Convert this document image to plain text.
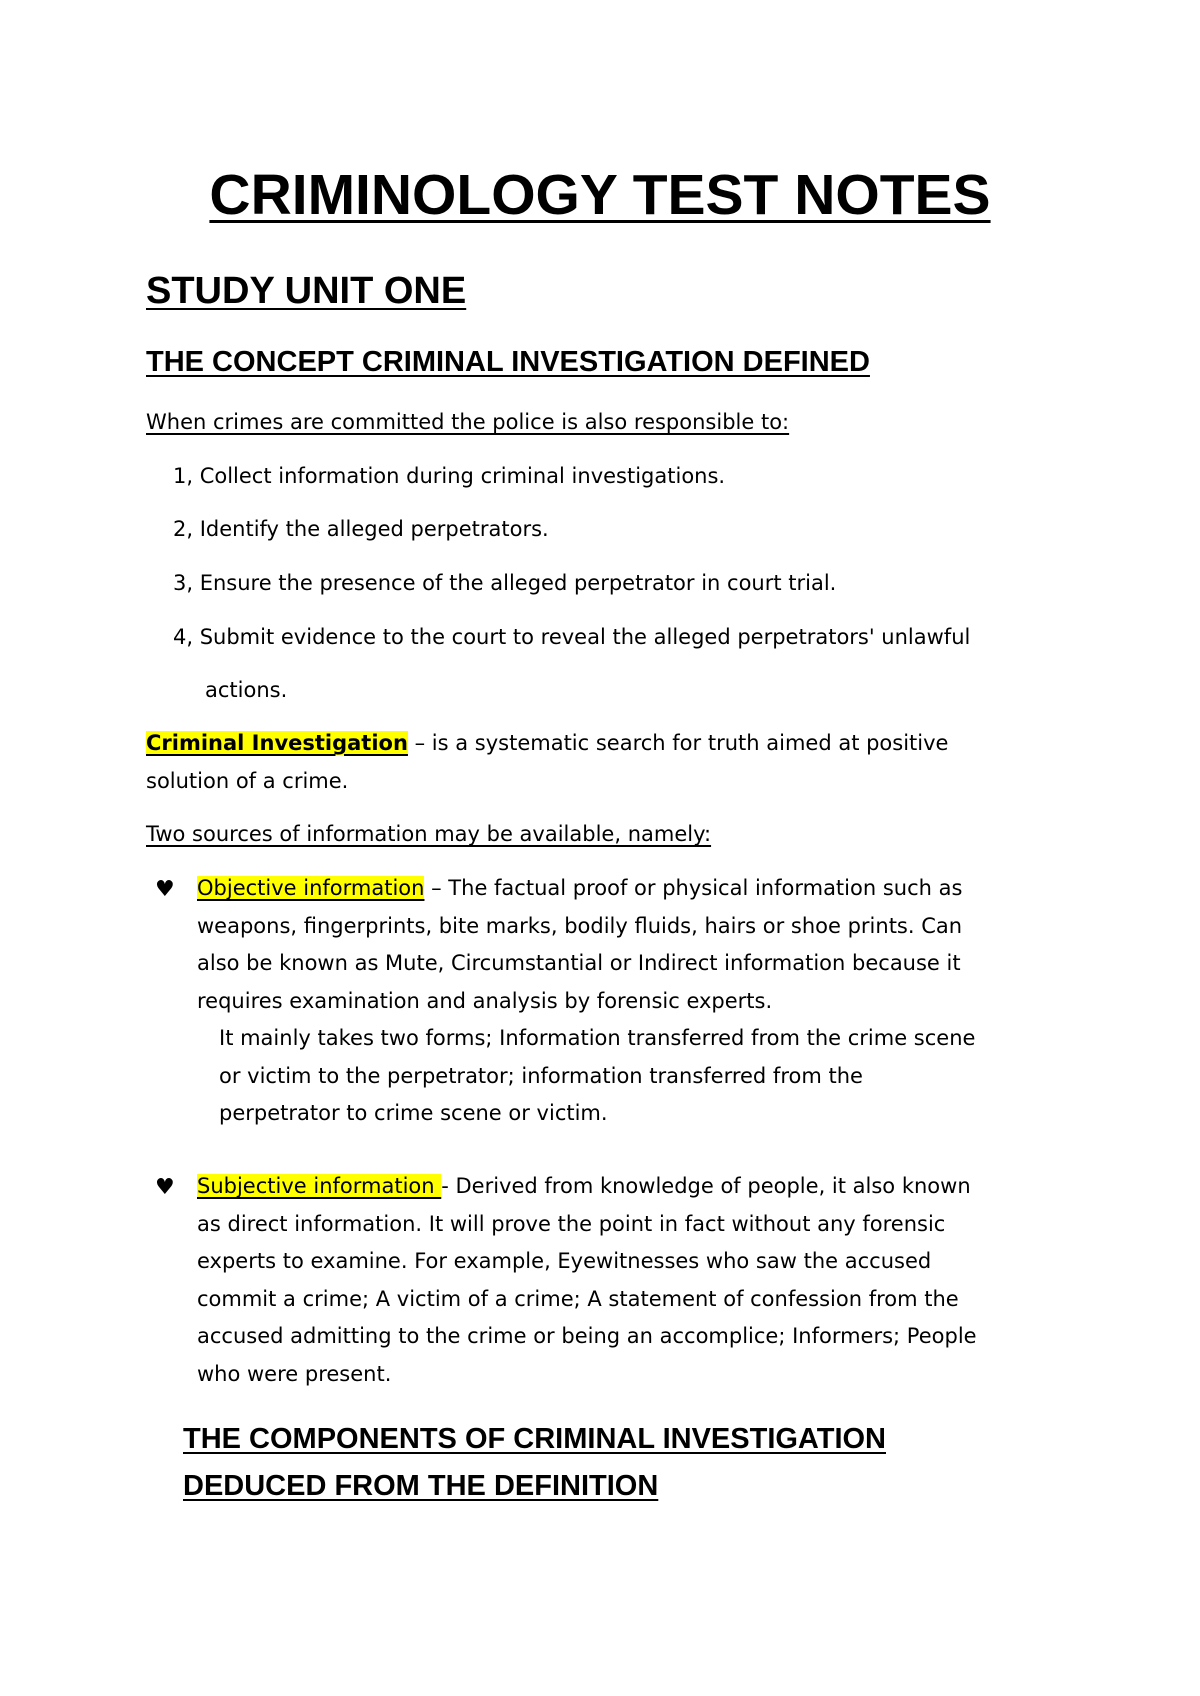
CRIMINOLOGY TEST NOTES
STUDY UNIT ONE
THE CONCEPT CRIMINAL INVESTIGATION DEFINED
When crimes are committed the police is also responsible to:
1, Collect information during criminal investigations.
2, Identify the alleged perpetrators.
3, Ensure the presence of the alleged perpetrator in court trial.
4, Submit evidence to the court to reveal the alleged perpetrators' unlawful
actions.
Criminal Investigation – is a systematic search for truth aimed at positive
solution of a crime.
Two sources of information may be available, namely:
♥ Objective information – The factual proof or physical information such as
weapons, fingerprints, bite marks, bodily fluids, hairs or shoe prints. Can
also be known as Mute, Circumstantial or Indirect information because it
requires examination and analysis by forensic experts.
It mainly takes two forms; Information transferred from the crime scene
or victim to the perpetrator; information transferred from the
perpetrator to crime scene or victim.
♥ Subjective information - Derived from knowledge of people, it also known
as direct information. It will prove the point in fact without any forensic
experts to examine. For example, Eyewitnesses who saw the accused
commit a crime; A victim of a crime; A statement of confession from the
accused admitting to the crime or being an accomplice; Informers; People
who were present.
THE COMPONENTS OF CRIMINAL INVESTIGATION
DEDUCED FROM THE DEFINITION
